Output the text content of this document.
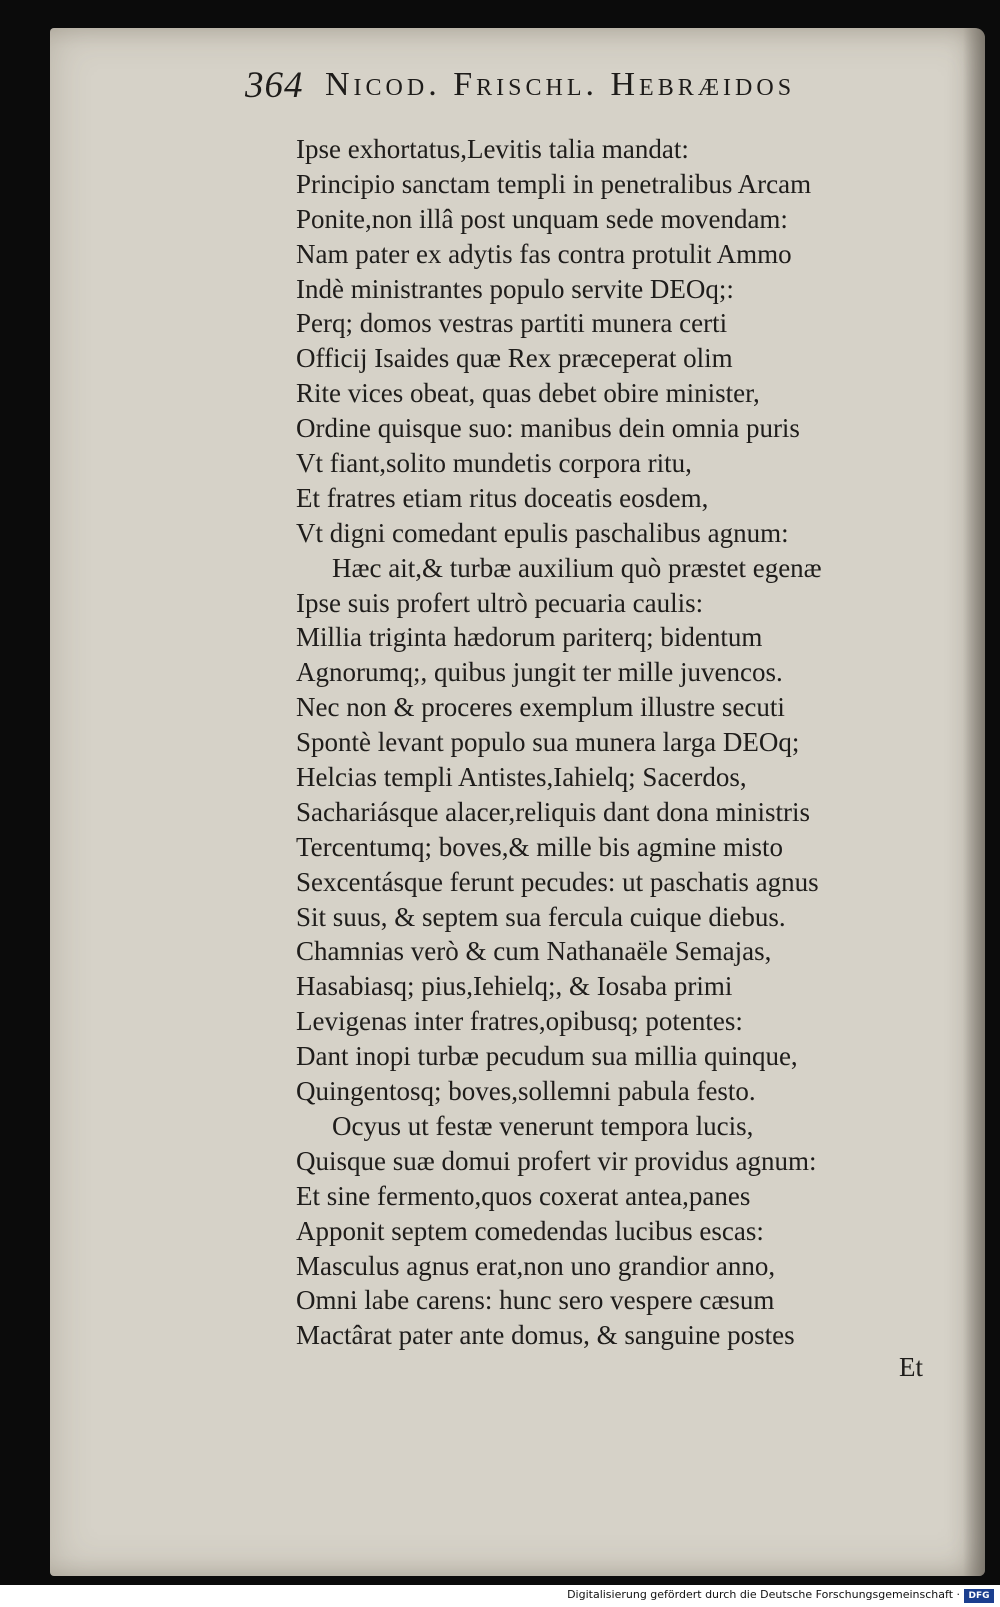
364 Nicod. Frischl. Hebræidos
Ipse exhortatus,Levitis talia mandat:
Principio sanctam templi in penetralibus Arcam
Ponite,non illâ post unquam sede movendam:
Nam pater ex adytis fas contra protulit Ammo
Indè ministrantes populo servite DEOq;:
Perq; domos vestras partiti munera certi
Officij Isaides quæ Rex præceperat olim
Rite vices obeat, quas debet obire minister,
Ordine quisque suo: manibus dein omnia puris
Vt fiant,solito mundetis corpora ritu,
Et fratres etiam ritus doceatis eosdem,
Vt digni comedant epulis paschalibus agnum:
Hæc ait,& turbæ auxilium quò præstet egenæ
Ipse suis profert ultrò pecuaria caulis:
Millia triginta hædorum pariterq; bidentum
Agnorumq;, quibus jungit ter mille juvencos.
Nec non & proceres exemplum illustre secuti
Spontè levant populo sua munera larga DEOq;
Helcias templi Antistes,Iahielq; Sacerdos,
Sachariásque alacer,reliquis dant dona ministris
Tercentumq; boves,& mille bis agmine misto
Sexcentásque ferunt pecudes: ut paschatis agnus
Sit suus, & septem sua fercula cuique diebus.
Chamnias verò & cum Nathanaële Semajas,
Hasabiasq; pius,Iehielq;, & Iosaba primi
Levigenas inter fratres,opibusq; potentes:
Dant inopi turbæ pecudum sua millia quinque,
Quingentosq; boves,sollemni pabula festo.
Ocyus ut festæ venerunt tempora lucis,
Quisque suæ domui profert vir providus agnum:
Et sine fermento,quos coxerat antea,panes
Apponit septem comedendas lucibus escas:
Masculus agnus erat,non uno grandior anno,
Omni labe carens: hunc sero vespere cæsum
Mactârat pater ante domus, & sanguine postes
Et
Digitalisierung gefördert durch die Deutsche Forschungsgemeinschaft · DFG
